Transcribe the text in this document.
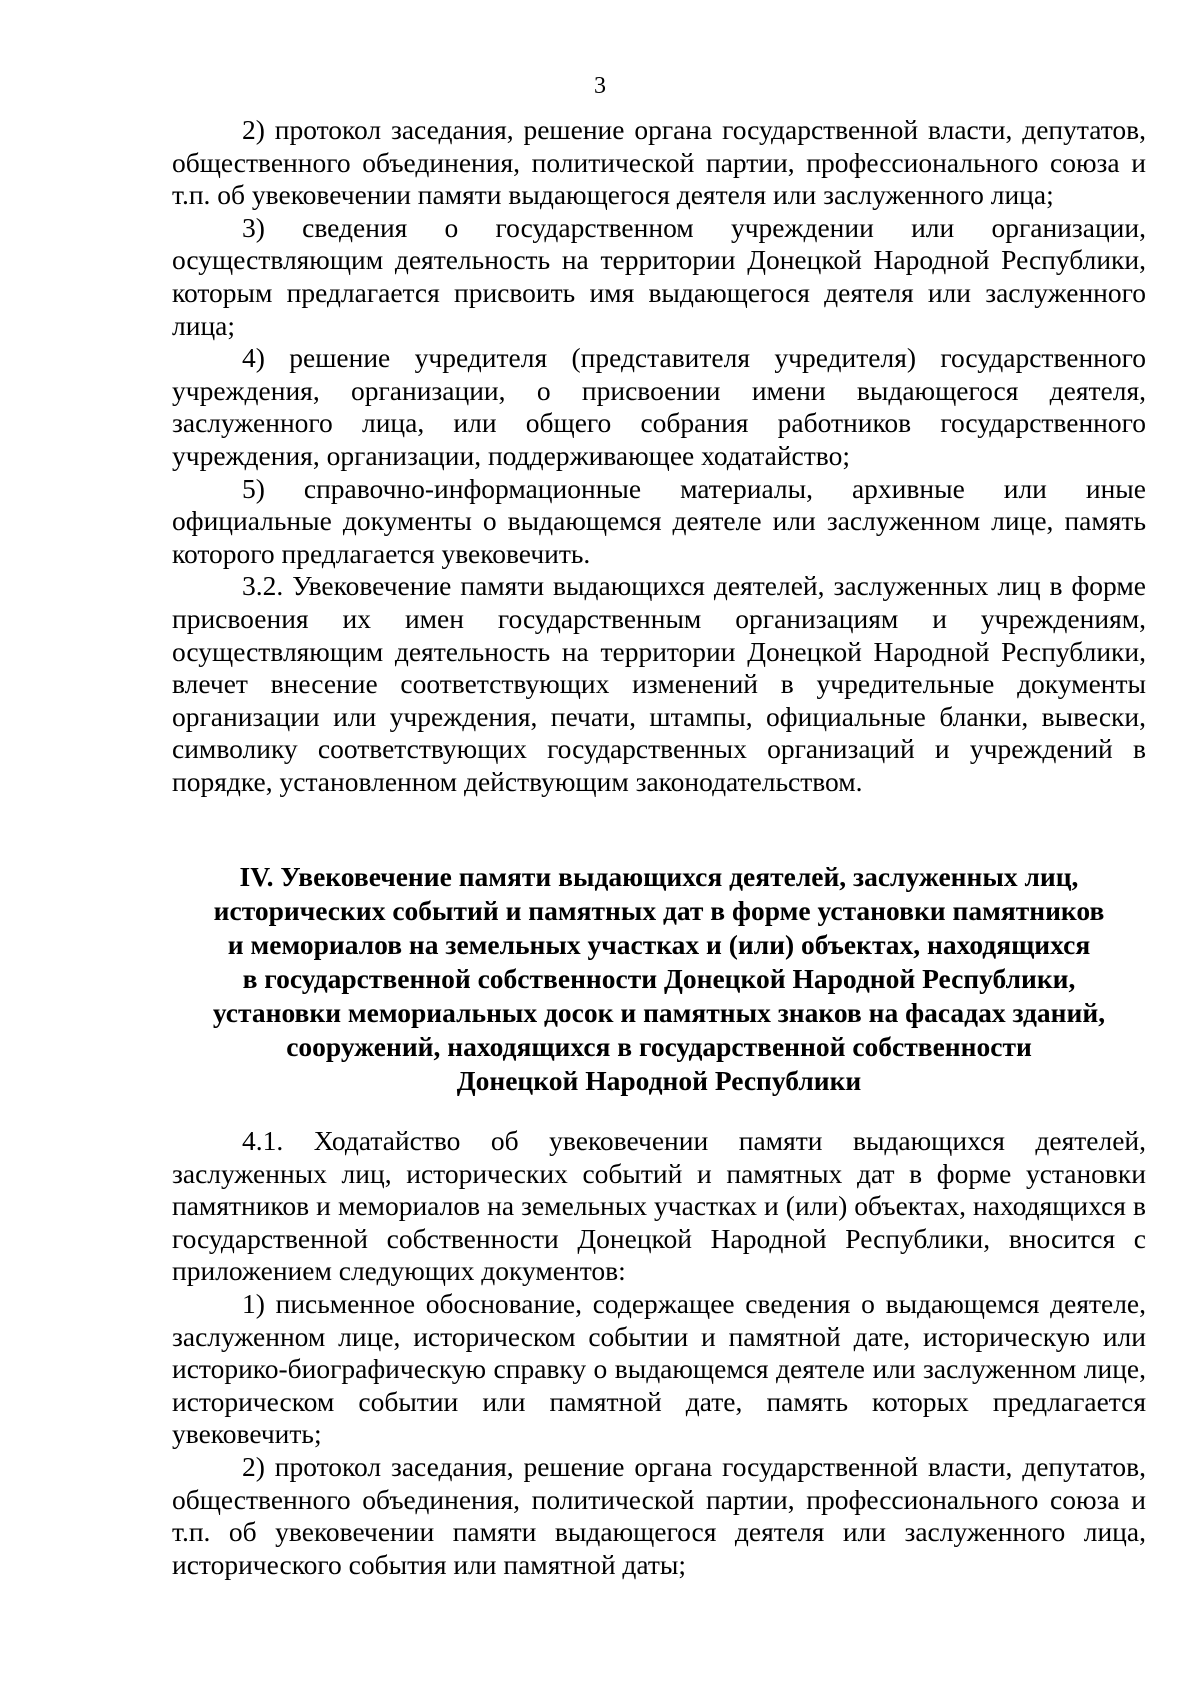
3

2) протокол заседания, решение органа государственной власти, депутатов, общественного объединения, политической партии, профессионального союза и т.п. об увековечении памяти выдающегося деятеля или заслуженного лица;

3) сведения о государственном учреждении или организации, осуществляющим деятельность на территории Донецкой Народной Республики, которым предлагается присвоить имя выдающегося деятеля или заслуженного лица;

4) решение учредителя (представителя учредителя) государственного учреждения, организации, о присвоении имени выдающегося деятеля, заслуженного лица, или общего собрания работников государственного учреждения, организации, поддерживающее ходатайство;

5) справочно-информационные материалы, архивные или иные официальные документы о выдающемся деятеле или заслуженном лице, память которого предлагается увековечить.

3.2. Увековечение памяти выдающихся деятелей, заслуженных лиц в форме присвоения их имен государственным организациям и учреждениям, осуществляющим деятельность на территории Донецкой Народной Республики, влечет внесение соответствующих изменений в учредительные документы организации или учреждения, печати, штампы, официальные бланки, вывески, символику соответствующих государственных организаций и учреждений в порядке, установленном действующим законодательством.

IV. Увековечение памяти выдающихся деятелей, заслуженных лиц,
исторических событий и памятных дат в форме установки памятников
и мемориалов на земельных участках и (или) объектах, находящихся
в государственной собственности Донецкой Народной Республики,
установки мемориальных досок и памятных знаков на фасадах зданий,
сооружений, находящихся в государственной собственности
Донецкой Народной Республики

4.1. Ходатайство об увековечении памяти выдающихся деятелей, заслуженных лиц, исторических событий и памятных дат в форме установки памятников и мемориалов на земельных участках и (или) объектах, находящихся в государственной собственности Донецкой Народной Республики, вносится с приложением следующих документов:

1) письменное обоснование, содержащее сведения о выдающемся деятеле, заслуженном лице, историческом событии и памятной дате, историческую или историко-биографическую справку о выдающемся деятеле или заслуженном лице, историческом событии или памятной дате, память которых предлагается увековечить;

2) протокол заседания, решение органа государственной власти, депутатов, общественного объединения, политической партии, профессионального союза и т.п. об увековечении памяти выдающегося деятеля или заслуженного лица, исторического события или памятной даты;
